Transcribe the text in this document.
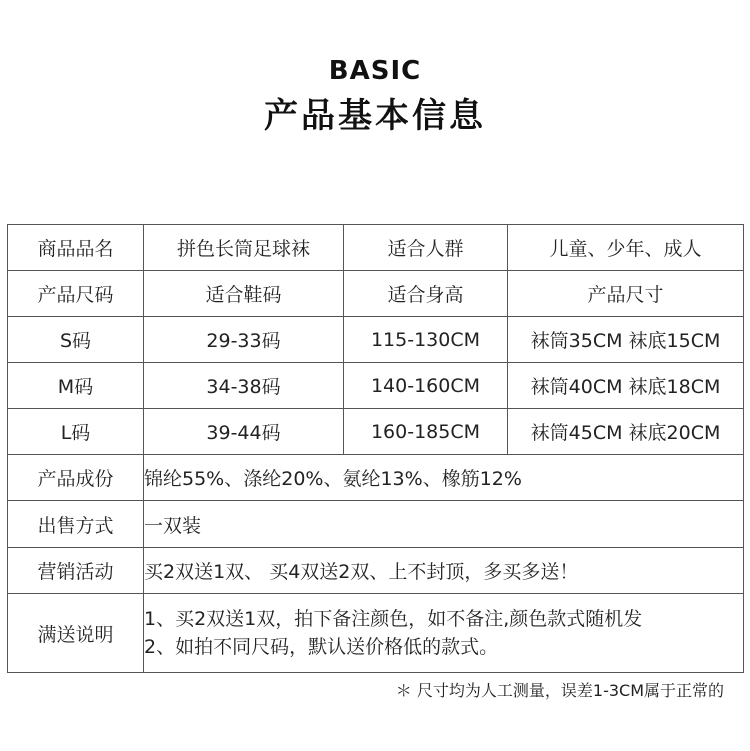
BASIC
产品基本信息
商品品名	拼色长筒足球袜	适合人群	儿童、少年、成人
产品尺码	适合鞋码	适合身高	产品尺寸
S码	29-33码	115-130CM	袜筒35CM 袜底15CM
M码	34-38码	140-160CM	袜筒40CM 袜底18CM
L码	39-44码	160-185CM	袜筒45CM 袜底20CM
产品成份	锦纶55%、涤纶20%、氨纶13%、橡筋12%		
出售方式	一双装		
营销活动	买2双送1双、 买4双送2双、上不封顶，多买多送！		
满送说明	1、买2双送1双，拍下备注颜色，如不备注,颜色款式随机发
2、如拍不同尺码，默认送价格低的款式。		
＊ 尺寸均为人工测量，误差1-3CM属于正常的
